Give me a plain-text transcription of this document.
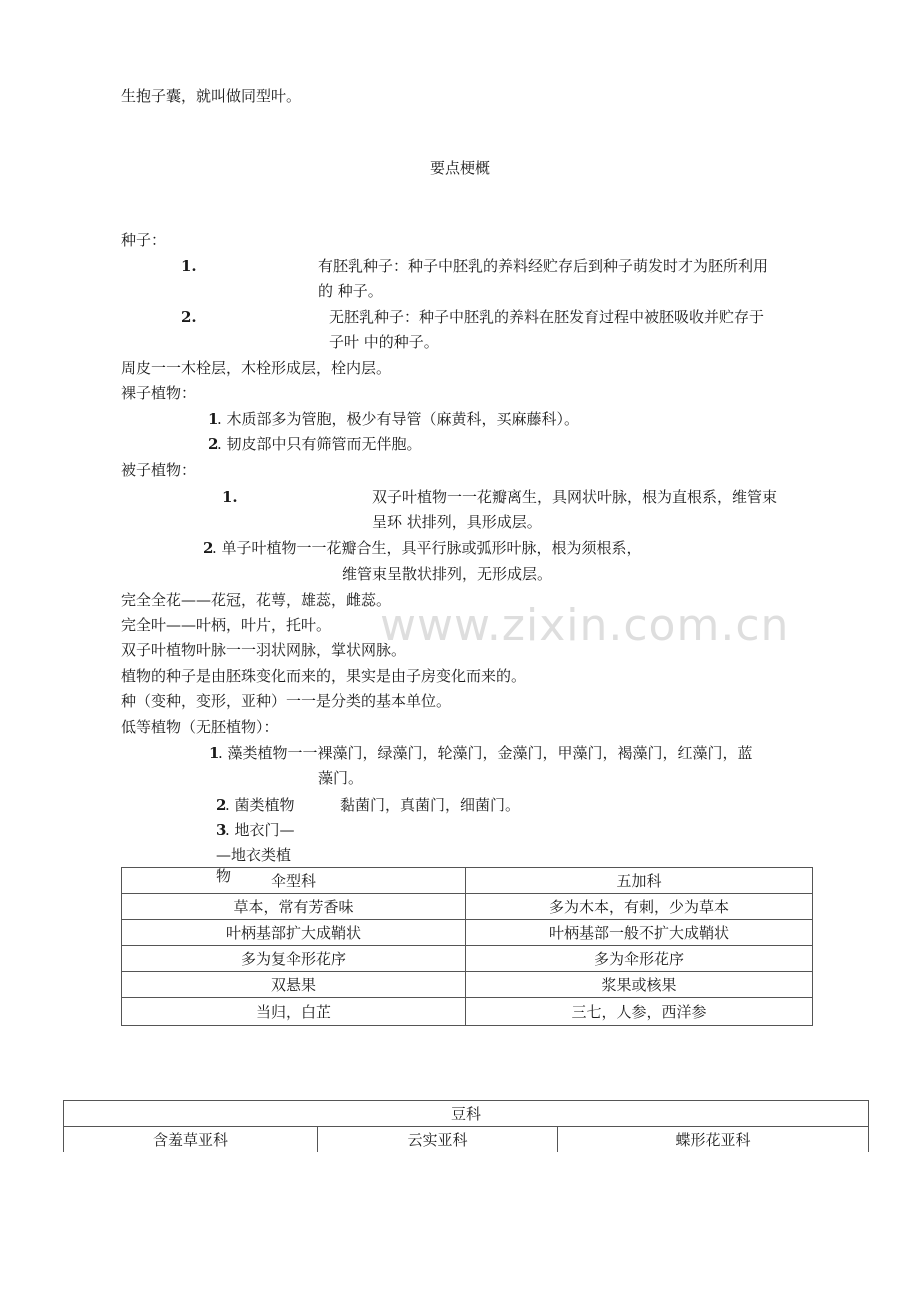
www.zixin.com.cn
生抱子囊，就叫做同型叶。
要点梗概
种子：
1.	有胚乳种子：种子中胚乳的养料经贮存后到种子萌发时才为胚所利用
的 种子。
2.	无胚乳种子：种子中胚乳的养料在胚发育过程中被胚吸收并贮存于
子叶 中的种子。
周皮一一木栓层，木栓形成层，栓内层。
裸子植物：
1
. 木质部多为管胞，极少有导管（麻黄科，买麻藤科）。
2
. 韧皮部中只有筛管而无伴胞。
被子植物：
1.	双子叶植物一一花瓣离生，具网状叶脉，根为直根系，维管束
呈环 状排列，具形成层。
2
. 单子叶植物一一花瓣合生，具平行脉或弧形叶脉，根为须根系，
维管束呈散状排列，无形成层。
完全全花——花冠，花萼，雄蕊，雌蕊。
完全叶——叶柄，叶片，托叶。
双子叶植物叶脉一一羽状网脉，掌状网脉。
植物的种子是由胚珠变化而来的，果实是由子房变化而来的。
种（变种，变形，亚种）一一是分类的基本单位。
低等植物（无胚植物）：
1
. 藻类植物一一裸藻门，绿藻门，轮藻门，金藻门，甲藻门，褐藻门，红藻门，蓝
藻门。
2
. 菌类植物	黏菌门，真菌门，细菌门。
3
. 地衣门—
—地衣类植
伞型科	五加科
草本，常有芳香味	多为木本，有刺，少为草本
叶柄基部扩大成鞘状	叶柄基部一般不扩大成鞘状
多为复伞形花序	多为伞形花序
双悬果	浆果或核果
当归，白芷	三七，人参，西洋参
物
豆科
含羞草亚科	云实亚科	蝶形花亚科
